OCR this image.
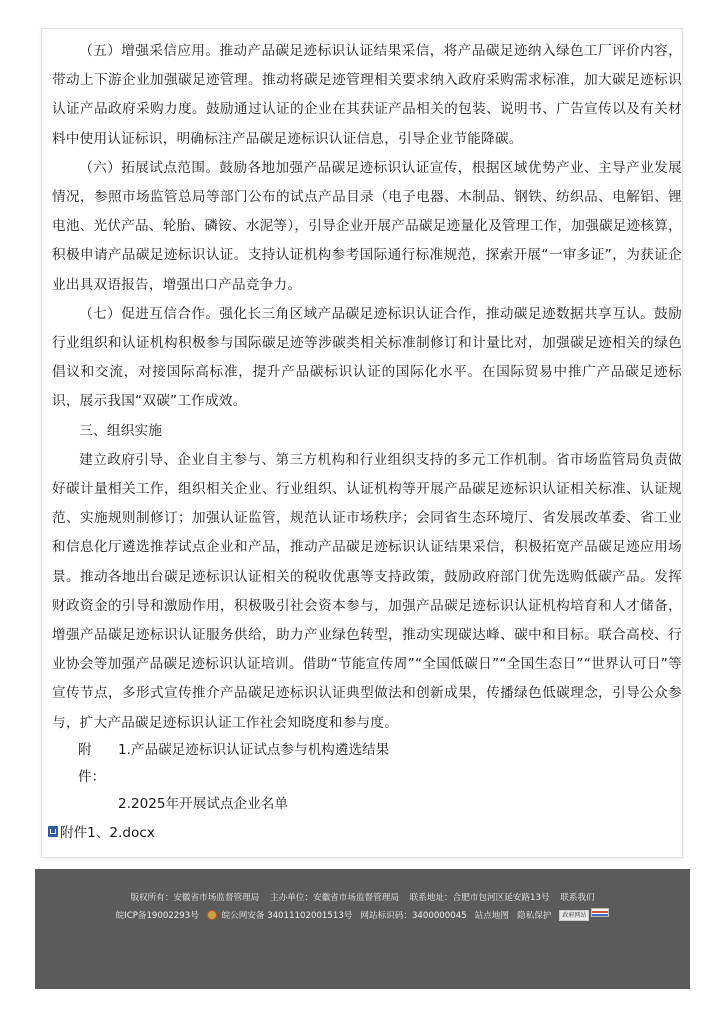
（五）增强采信应用。推动产品碳足迹标识认证结果采信，将产品碳足迹纳入绿色工厂评价内容，带动上下游企业加强碳足迹管理。推动将碳足迹管理相关要求纳入政府采购需求标准，加大碳足迹标识认证产品政府采购力度。鼓励通过认证的企业在其获证产品相关的包装、说明书、广告宣传以及有关材料中使用认证标识，明确标注产品碳足迹标识认证信息，引导企业节能降碳。

（六）拓展试点范围。鼓励各地加强产品碳足迹标识认证宣传，根据区域优势产业、主导产业发展情况，参照市场监管总局等部门公布的试点产品目录（电子电器、木制品、钢铁、纺织品、电解铝、锂电池、光伏产品、轮胎、磷铵、水泥等），引导企业开展产品碳足迹量化及管理工作，加强碳足迹核算，积极申请产品碳足迹标识认证。支持认证机构参考国际通行标准规范，探索开展“一审多证”，为获证企业出具双语报告，增强出口产品竞争力。

（七）促进互信合作。强化长三角区域产品碳足迹标识认证合作，推动碳足迹数据共享互认。鼓励行业组织和认证机构积极参与国际碳足迹等涉碳类相关标准制修订和计量比对，加强碳足迹相关的绿色倡议和交流，对接国际高标准，提升产品碳标识认证的国际化水平。在国际贸易中推广产品碳足迹标识，展示我国“双碳”工作成效。

三、组织实施

建立政府引导、企业自主参与、第三方机构和行业组织支持的多元工作机制。省市场监管局负责做好碳计量相关工作，组织相关企业、行业组织、认证机构等开展产品碳足迹标识认证相关标准、认证规范、实施规则制修订；加强认证监管，规范认证市场秩序；会同省生态环境厅、省发展改革委、省工业和信息化厅遴选推荐试点企业和产品，推动产品碳足迹标识认证结果采信，积极拓宽产品碳足迹应用场景。推动各地出台碳足迹标识认证相关的税收优惠等支持政策，鼓励政府部门优先选购低碳产品。发挥财政资金的引导和激励作用，积极吸引社会资本参与，加强产品碳足迹标识认证机构培育和人才储备，增强产品碳足迹标识认证服务供给，助力产业绿色转型，推动实现碳达峰、碳中和目标。联合高校、行业协会等加强产品碳足迹标识认证培训。借助“节能宣传周”“全国低碳日”“全国生态日”“世界认可日”等宣传节点，多形式宣传推介产品碳足迹标识认证典型做法和创新成果，传播绿色低碳理念，引导公众参与，扩大产品碳足迹标识认证工作社会知晓度和参与度。

附件：
1.产品碳足迹标识认证试点参与机构遴选结果
2.2025年开展试点企业名单
附件1、2.docx
版权所有：安徽省市场监督管理局 主办单位：安徽省市场监督管理局 联系地址：合肥市包河区延安路13号 联系我们
皖ICP备19002293号	皖公网安备 34011102001513号 网站标识码：3400000045 站点地图 隐私保护	政府网站
